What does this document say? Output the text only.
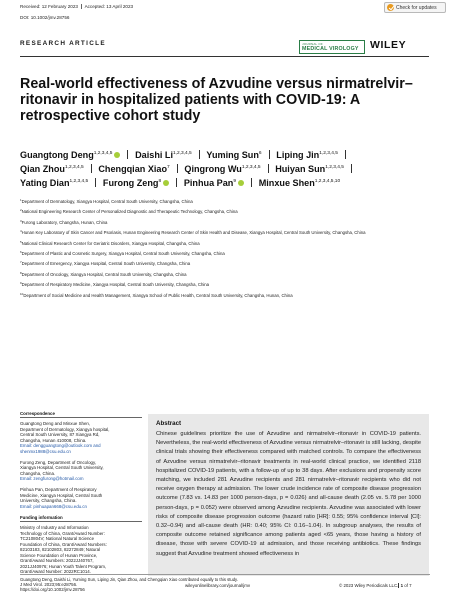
Received: 12 February 2023 Accepted: 13 April 2023
DOI: 10.1002/jmv.28756
Check for updates
RESEARCH ARTICLE	JOURNAL OF
MEDICAL VIROLOGY WILEY
Real-world effectiveness of Azvudine versus nirmatrelvir–ritonavir in hospitalized patients with COVID-19: A retrospective cohort study
Guangtong Deng$^{1,2,3,4,5}$ Daishi Li$^{1,2,3,4,5}$ Yuming Sun$^6$ Liping Jin$^{1,2,3,4,5}$
Qian Zhou$^{1,2,3,4,5}$ Chengqian Xiao$^7$ Qingrong Wu$^{1,2,3,4,5}$ Huiyan Sun$^{1,2,3,4,5}$
Yating Dian$^{1,2,3,4,5}$ Furong Zeng$^8$ Pinhua Pan$^9$ Minxue Shen$^{1,2,3,4,5,10}$
$^1$Department of Dermatology, Xiangya Hospital, Central South University, Changsha, China
$^2$National Engineering Research Center of Personalized Diagnostic and Therapeutic Technology, Changsha, China
$^3$Furong Laboratory, Changsha, Hunan, China
$^4$Hunan Key Laboratory of Skin Cancer and Psoriasis, Hunan Engineering Research Center of Skin Health and Disease, Xiangya Hospital, Central South University, Changsha, China
$^5$National Clinical Research Center for Geriatric Disorders, Xiangya Hospital, Changsha, China
$^6$Department of Plastic and Cosmetic Surgery, Xiangya Hospital, Central South University, Changsha, China
$^7$Department of Emergency, Xiangya Hospital, Central South University, Changsha, China
$^8$Department of Oncology, Xiangya Hospital, Central South University, Changsha, China
$^9$Department of Respiratory Medicine, Xiangya Hospital, Central South University, Changsha, China
$^{10}$Department of Social Medicine and Health Management, Xiangya School of Public Health, Central South University, Changsha, Hunan, China
Correspondence

Guangtong Deng and Minxue Shen,
Department of Dermatology, Xiangya hospital,
Central South University, 87 Xiangya Rd,
Changsha, Hunan 410008, China.
Email: dengguangtong@outlook.com and
shenmx1988@csu.edu.cn

Furong Zeng, Department of Oncology,
Xiangya Hospital, Central South University,
Changsha, China.
Email: zengfurong@hotmail.com

Pinhua Pan, Department of Respiratory
Medicine, Xiangya Hospital, Central South
University, Changsha, China.
Email: pinhuapan668@csu.edu.cn

Funding information

Ministry of Industry and Information
Technology of China, Grant/Award Number:
TC210804V; National Natural Science
Foundation of China, Grant/Award Numbers:
82103183, 82102803, 82272849; Natural
Science Foundation of Hunan Province,
Grant/Award Numbers: 2022JJ40767,
2021JJ40976; Hunan Youth Talent Program,
Grant/Award Number: 2022RC1014.

Abstract
Chinese guidelines prioritize the use of Azvudine and nirmatrelvir–ritonavir in COVID-19 patients. Nevertheless, the real-world effectiveness of Azvudine versus nirmatrelvir–ritonavir is still lacking, despite clinical trials showing their effectiveness compared with matched controls. To compare the effectiveness of Azvudine versus nirmatrelvir–ritonavir treatments in real-world clinical practice, we identified 2118 hospitalized COVID-19 patients, with a follow-up of up to 38 days. After exclusions and propensity score matching, we included 281 Azvudine recipients and 281 nirmatrelvir–ritonavir recipients who did not receive oxygen therapy at admission. The lower crude incidence rate of composite disease progression outcome (7.83 vs. 14.83 per 1000 person-days, p = 0.026) and all-cause death (2.05 vs. 5.78 per 1000 person-days, p = 0.052) were observed among Azvudine recipients. Azvudine was associated with lower risks of composite disease progression outcome (hazard ratio [HR]: 0.55; 95% confidence interval [CI]: 0.32–0.94) and all-cause death (HR: 0.40; 95% CI: 0.16–1.04). In subgroup analyses, the results of composite outcome retained significance among patients aged <65 years, those having a history of disease, those with severe COVID-19 at admission, and those receiving antibiotics. These findings suggest that Azvudine treatment showed effectiveness in
Guangtong Deng, Daishi Li, Yuming Sun, Liping Jin, Qian Zhou, and Chengqian Xiao contributed equally to this study.
J Med Virol. 2023;95:e28756.
https://doi.org/10.1002/jmv.28756
wileyonlinelibrary.com/journal/jmv	© 2023 Wiley Periodicals LLC. 1 of 7
